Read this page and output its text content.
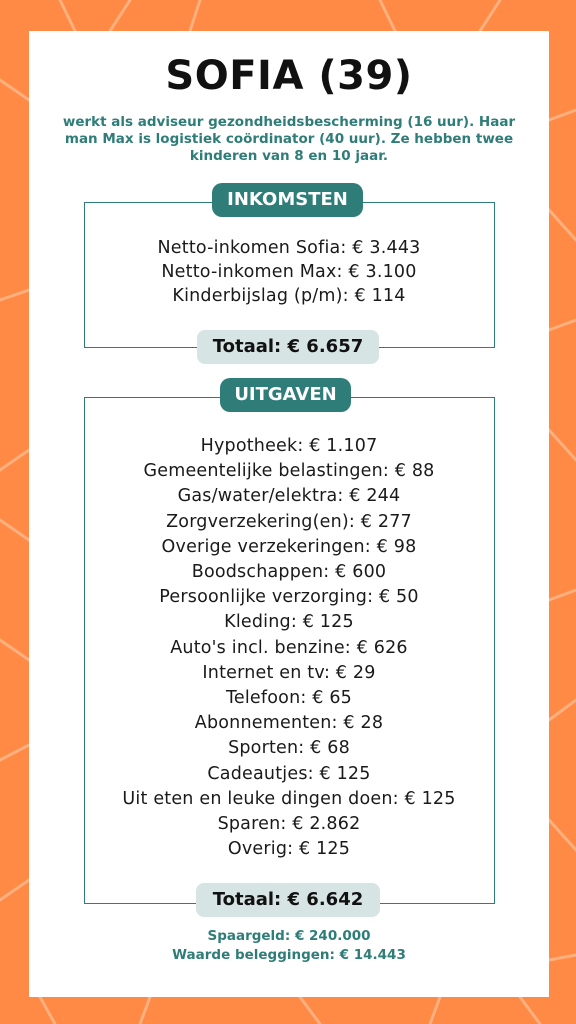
SOFIA (39)
werkt als adviseur gezondheidsbescherming (16 uur). Haar man Max is logistiek coördinator (40 uur). Ze hebben twee kinderen van 8 en 10 jaar.
INKOMSTEN
Netto-inkomen Sofia: € 3.443
Netto-inkomen Max: € 3.100
Kinderbijslag (p/m): € 114
Totaal: € 6.657
UITGAVEN
Hypotheek: € 1.107
Gemeentelijke belastingen: € 88
Gas/water/elektra: € 244
Zorgverzekering(en): € 277
Overige verzekeringen: € 98
Boodschappen: € 600
Persoonlijke verzorging: € 50
Kleding: € 125
Auto's incl. benzine: € 626
Internet en tv: € 29
Telefoon: € 65
Abonnementen: € 28
Sporten: € 68
Cadeautjes: € 125
Uit eten en leuke dingen doen: € 125
Sparen: € 2.862
Overig: € 125
Totaal: € 6.642
Spaargeld: € 240.000
Waarde beleggingen: € 14.443
